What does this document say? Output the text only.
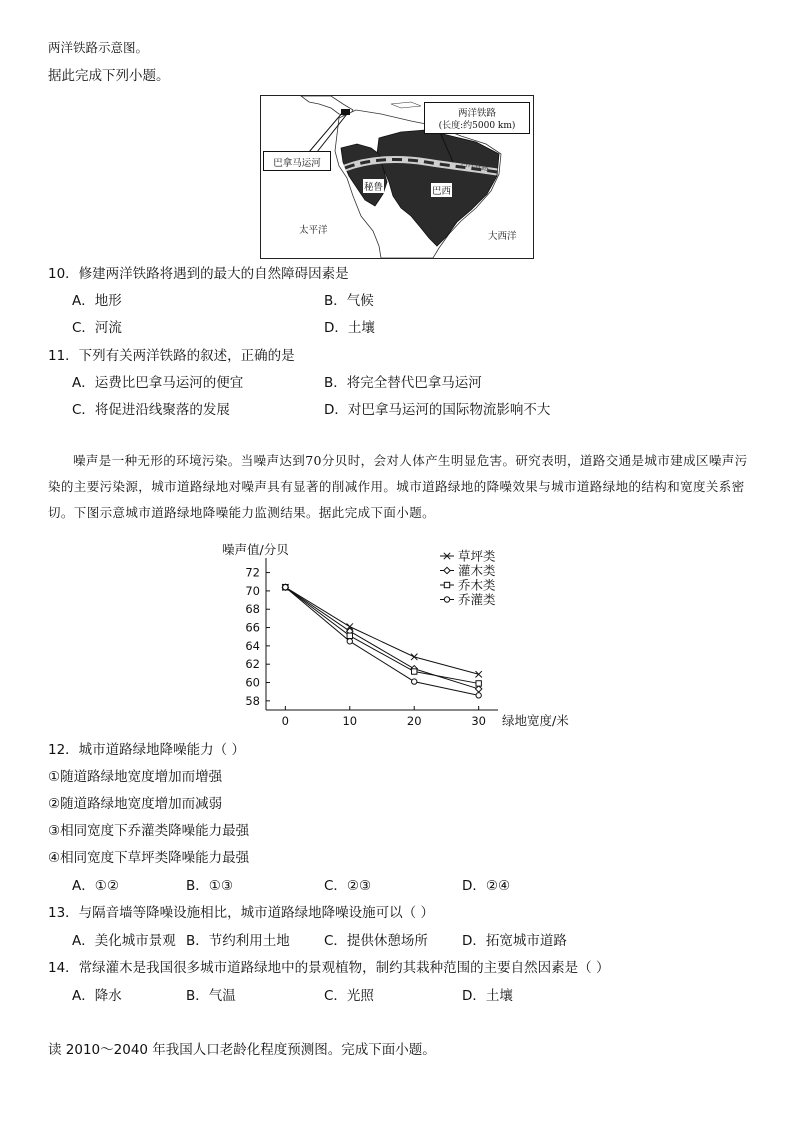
两洋铁路示意图。
据此完成下列小题。
两洋铁路
(长度:约5000 km)
巴拿马运河
秘鲁	巴西
两洋铁路
太平洋
大西洋
10．修建两洋铁路将遇到的最大的自然障碍因素是
A．地形	B．气候
C．河流	D．土壤
11．下列有关两洋铁路的叙述，正确的是
A．运费比巴拿马运河的便宜	B．将完全替代巴拿马运河
C．将促进沿线聚落的发展	D．对巴拿马运河的国际物流影响不大
噪声是一种无形的环境污染。当噪声达到70分贝时，会对人体产生明显危害。研究表明，道路交通是城市建成区噪声污染的主要污染源，城市道路绿地对噪声具有显著的削减作用。城市道路绿地的降噪效果与城市道路绿地的结构和宽度关系密切。下图示意城市道路绿地降噪能力监测结果。据此完成下面小题。
58
60
62
64
66
68
70
72
0	10	20	30
噪声值/分贝
绿地宽度/米
草坪类
灌木类
乔木类
乔灌类
12．城市道路绿地降噪能力（ ）
①随道路绿地宽度增加而增强
②随道路绿地宽度增加而减弱
③相同宽度下乔灌类降噪能力最强
④相同宽度下草坪类降噪能力最强
A．①②	B．①③	C．②③	D．②④
13．与隔音墙等降噪设施相比，城市道路绿地降噪设施可以（ ）
A．美化城市景观 B．节约利用土地	C．提供休憩场所	D．拓宽城市道路
14．常绿灌木是我国很多城市道路绿地中的景观植物，制约其栽种范围的主要自然因素是（ ）
A．降水	B．气温	C．光照	D．土壤
读 2010～2040 年我国人口老龄化程度预测图。完成下面小题。
